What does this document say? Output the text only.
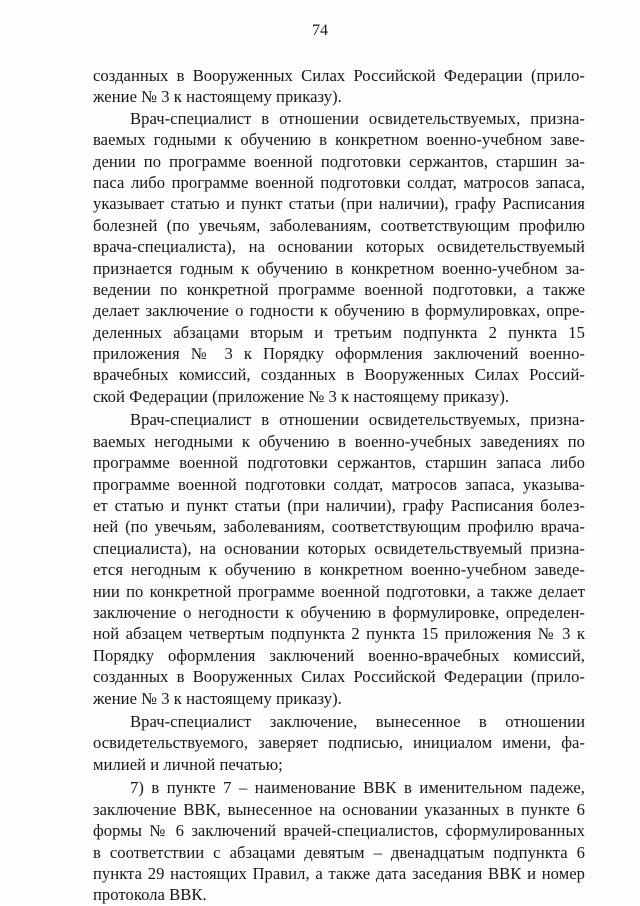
74
созданных в Вооруженных Силах Российской Федерации (прило-
жение № 3 к настоящему приказу).
Врач-специалист в отношении освидетельствуемых, призна-
ваемых годными к обучению в конкретном военно-учебном заве-
дении по программе военной подготовки сержантов, старшин за-
паса либо программе военной подготовки солдат, матросов запаса,
указывает статью и пункт статьи (при наличии), графу Расписания
болезней (по увечьям, заболеваниям, соответствующим профилю
врача-специалиста), на основании которых освидетельствуемый
признается годным к обучению в конкретном военно-учебном за-
ведении по конкретной программе военной подготовки, а также
делает заключение о годности к обучению в формулировках, опре-
деленных абзацами вторым и третьим подпункта 2 пункта 15
приложения № 3 к Порядку оформления заключений военно-
врачебных комиссий, созданных в Вооруженных Силах Россий-
ской Федерации (приложение № 3 к настоящему приказу).
Врач-специалист в отношении освидетельствуемых, призна-
ваемых негодными к обучению в военно-учебных заведениях по
программе военной подготовки сержантов, старшин запаса либо
программе военной подготовки солдат, матросов запаса, указыва-
ет статью и пункт статьи (при наличии), графу Расписания болез-
ней (по увечьям, заболеваниям, соответствующим профилю врача-
специалиста), на основании которых освидетельствуемый призна-
ется негодным к обучению в конкретном военно-учебном заведе-
нии по конкретной программе военной подготовки, а также делает
заключение о негодности к обучению в формулировке, определен-
ной абзацем четвертым подпункта 2 пункта 15 приложения № 3 к
Порядку оформления заключений военно-врачебных комиссий,
созданных в Вооруженных Силах Российской Федерации (прило-
жение № 3 к настоящему приказу).
Врач-специалист заключение, вынесенное в отношении
освидетельствуемого, заверяет подписью, инициалом имени, фа-
милией и личной печатью;
7) в пункте 7 – наименование ВВК в именительном падеже,
заключение ВВК, вынесенное на основании указанных в пункте 6
формы № 6 заключений врачей-специалистов, сформулированных
в соответствии с абзацами девятым – двенадцатым подпункта 6
пункта 29 настоящих Правил, а также дата заседания ВВК и номер
протокола ВВК.
